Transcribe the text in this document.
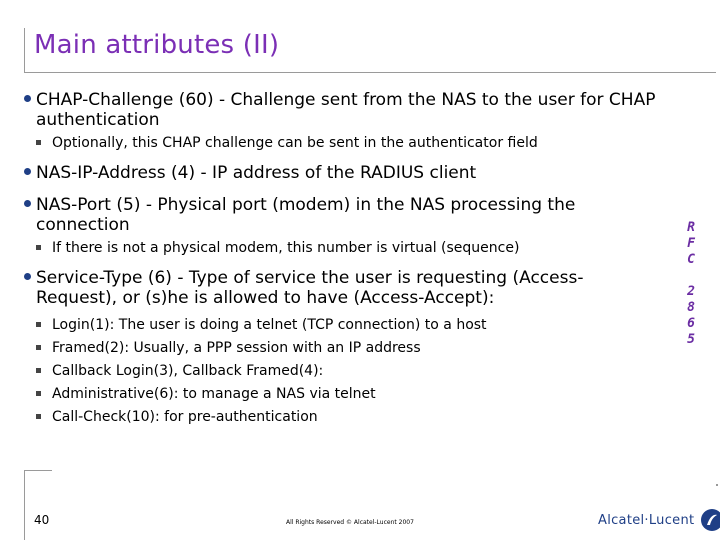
Main attributes (II)
CHAP-Challenge (60) - Challenge sent from the NAS to the user for CHAP authentication
Optionally, this CHAP challenge can be sent in the authenticator field
NAS-IP-Address (4) - IP address of the RADIUS client
NAS-Port (5) - Physical port (modem) in the NAS processing the connection
If there is not a physical modem, this number is virtual (sequence)
Service-Type (6) - Type of service the user is requesting (Access-Request), or (s)he is allowed to have (Access-Accept):
Login(1): The user is doing a telnet (TCP connection) to a host
Framed(2): Usually, a PPP session with an IP address
Callback Login(3), Callback Framed(4):
Administrative(6): to manage a NAS via telnet
Call-Check(10): for pre-authentication
R
F
C

2
8
6
5
40	All Rights Reserved © Alcatel-Lucent 2007	Alcatel·Lucent
